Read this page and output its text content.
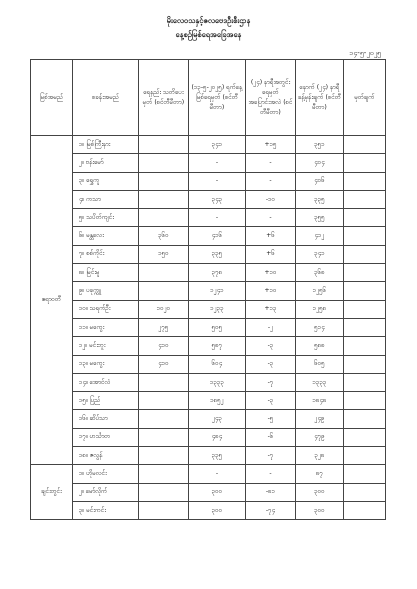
မိုးလေဝသနှင့်ဇလဗေဒဦးစီးဌာန
နေ့စဉ်မြစ်ရေအခြေအနေ
၁၄-၅-၂၀၂၅
မြစ်အမည်	စခန်းအမည်	ရေနည်း သတိပေးမှတ် (စင်တီမီတာ)	(၁၃-၅-၂၀၂၅) ရက်နေ့ မြစ်ရေမှတ် (စင်တီမီတာ)	(၂၄) နာရီအတွင်း ရေမှတ်အပြောင်းအလဲ (စင်တီမီတာ)	နောက် (၂၄) နာရီ ခန့်မှန်းချက် (စင်တီမီတာ)	မှတ်ချက်
ဧရာဝတီ	၁။ မြစ်ကြီးနား		၃၄၁	+၁၅	၃၅၁	
	၂။ ဗန်းမော်		-	-	၄၀၄	
	၃။ ရွှေကူ		-	-	၄၀၆	
	၄။ ကသာ		၃၄၃	-၁၀	၃၃၅	
	၅။ သပိတ်ကျင်း		-	-	၃၅၅	
	၆။ မန္တလေး	၃၆၀	၄၁၆	+၆	၄၁၂	
	၇။ စစ်ကိုင်း	၁၅၀	၃၃၅	+၆	၃၄၁	
	၈။ မြင်းမူ		၃၇၈	+၁၀	၃၆၈	
	၉။ ပခုက္ကူ		၁၂၄၁	+၁၀	၁၂၅၆	
	၁၀။ သရက်ဦး	၁၀၂၀	၁၂၃၃	+၁၃	၁၂၅၈	
	၁၁။ မကွေး	၂၇၅	၅၀၅	-၂	၅၁၄	
	၁၂။ မင်းဘူး	၄၁၀	၅၈၇	-၃	၅၈၈	
	၁၃။ မကွေး	၄၁၀	၆၀၄	-၃	၆၀၅	
	၁၄။ အောင်လံ		၁၃၃၃	-၇	၁၃၃၃	
	၁၅။ ပြည်		၁၈၅၂	-၃	၁၈၄၈	
	၁၆။ ဆိပ်သာ		၂၄၃	-၅	၂၄၉	
	၁၇။ ဟင်္သာတ		၄၈၄	-၆	၄၇၉	
	၁၈။ ဇလွန်		၃၃၅	-၇	၃၂၈	
ချင်းတွင်း	၁။ ဟိုမလင်း		-	-	၈၇	
	၂။ မော်လိုက်		၃၀၀	-၈၁	၃၀၀	
	၃။ မင်းကင်း		၃၀၀	-၇၄	၃၀၀	
